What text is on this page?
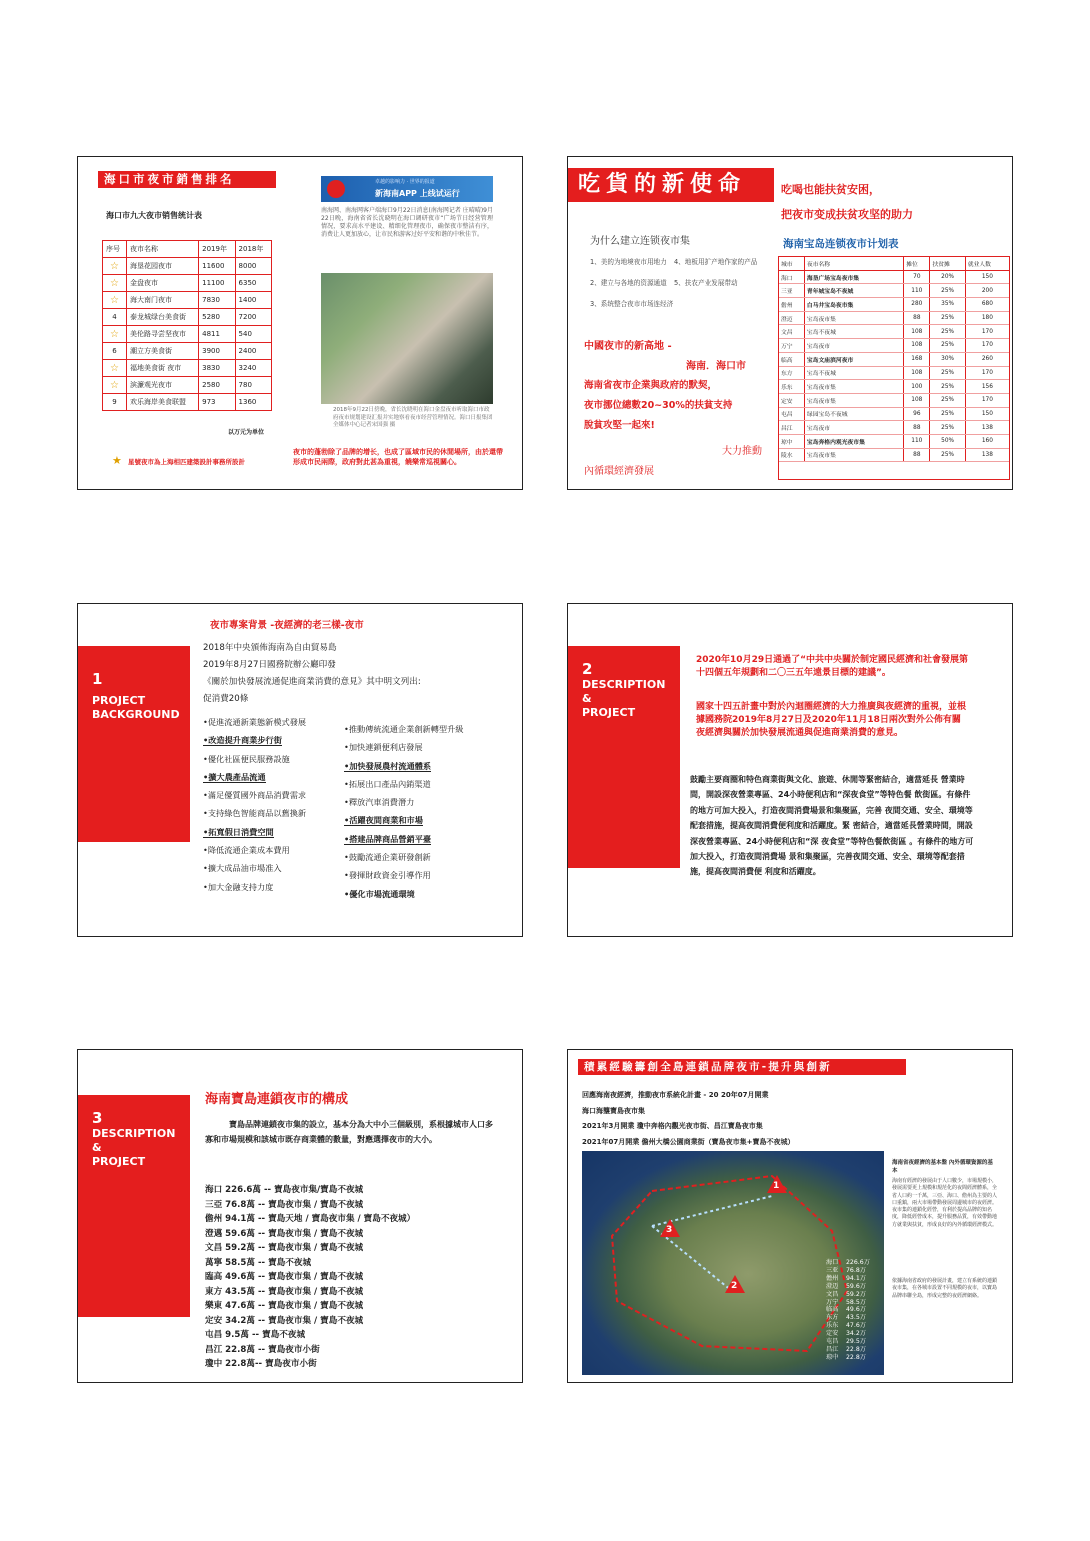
海口市夜市銷售排名
海口市九大夜市销售统计表
序号	夜市名称	2019年	2018年
☆	海垦花园夜市	11600	8000
☆	金盘夜市	11100	6350
☆	海大南门夜市	7830	1400
4	泰龙城绿台美食街	5280	7200
☆	美伦路寻尝坚夜市	4811	540
6	潮立方美食街	3900	2400
☆	福地美食街 夜市	3830	3240
☆	滨濂观光夜市	2580	780
9	欢乐海岸美食联盟	973	1360
以万元为单位
★ 星號夜市為上海相匹建築設計事務所設計
卓越的影响力 · 世界的报道
新海南APP 上线试运行
南海网、南海网客户端海口9月22日消息(南海网记者 庄晴晴)9月22日晚，海南省省长沈晓明在海口调研夜市“广场节日经营管理情况，要求高水平建设、精细化管理夜市，确保夜市整洁有序，消费让人更加放心，让市民和游客过好平安和谐的中秋佳节。
2018年9月22日傍晚，省长沈晓明在海口金盘夜市听取海口市政府夜市规划建设汇报并实地察看夜市经营管理情况。海口日报集团全媒体中心记者宋国强 摄
夜市的蓬勃除了品牌的增长，也成了區域市民的休閒場所，由於還帶形成市民兩際，政府對此甚為重視，饒樂常巡視關心。
吃貨的新使命	吃喝也能扶贫安困，
把夜市变成扶贫攻坚的助力
为什么建立连锁夜市集
1、美的为地境夜市用地力 4、地板用扩产地作家的产品
2、建立与各地的资源通道 5、扶农产业发展带动
3、系统整合夜市市场连经济
中國夜市的新高地 -
海南．海口市
海南省夜市企業與政府的默契，
夜市挪位總數20~30%的扶貧支持
脫貧攻堅一起來!
大力推動
內循環經濟發展
海南宝岛连锁夜市计划表
城市	夜市名称	摊位	扶贫摊	就业人数
海口	海垦广场宝岛夜市集	70	20%	150
三亚	青年城宝岛不夜城	110	25%	200
儋州	白马井宝岛夜市集	280	35%	680
澄迈	宝岛夜市集	88	25%	180
文昌	宝岛不夜城	108	25%	170
万宁	宝岛夜市	108	25%	170
临高	宝岛文庙滨河夜市	168	30%	260
东方	宝岛不夜城	108	25%	170
乐东	宝岛夜市集	100	25%	156
定安	宝岛夜市集	108	25%	170
屯昌	绿园宝岛不夜城	96	25%	150
昌江	宝岛夜市	88	25%	138
琼中	宝岛奔格内观光夜市集	110	50%	160
陵水	宝岛夜市集	88	25%	138
1
PROJECT
BACKGROUND
夜市專案背景 -夜經濟的老三樣-夜市
2018年中央頒佈海南為自由貿易島
2019年8月27日國務院辦公廳印發
《關於加快發展流通促進商業消費的意見》其中明文列出:
促消費20條
•促進流通新業態新模式發展
•改造提升商業步行街
•優化社區便民服務設施
•擴大農產品流通
•滿足優質國外商品消費需求
•支持綠色智能商品以舊換新
•拓寬假日消費空間
•降低流通企業成本費用
•擴大成品油市場准入
•加大金融支持力度
•推動傳統流通企業創新轉型升級
•加快連鎖便利店發展
•加快發展農村流通體系
•拓展出口產品內銷渠道
•釋放汽車消費潛力
•活躍夜間商業和市場
•搭建品牌商品營銷平臺
•鼓勵流通企業研發創新
•發揮財政資金引導作用
•優化市場流通環境
2
DESCRIPTION
&
PROJECT
2020年10月29日通過了“中共中央關於制定國民經濟和社會發展第十四個五年規劃和二〇三五年遠景目標的建議”。
國家十四五計畫中對於內迴圈經濟的大力推廣與夜經濟的重視，並根據國務院2019年8月27日及2020年11月18日兩次對外公佈有關夜經濟與關於加快發展流通與促進商業消費的意見。
鼓勵主要商圈和特色商業街與文化、旅遊、休閒等緊密結合，適當延長 營業時間，開設深夜營業專區、24小時便利店和“深夜食堂”等特色餐 飲街區。有條件的地方可加大投入，打造夜間消費場景和集聚區，完善 夜間交通、安全、環境等配套措施，提高夜間消費便利度和活躍度。緊 密結合，適當延長營業時間，開設深夜營業專區、24小時便利店和“深 夜食堂”等特色餐飲街區 。有條件的地方可加大投入，打造夜間消費場 景和集聚區，完善夜間交通、安全、環境等配套措施，提高夜間消費便 利度和活躍度。
3
DESCRIPTION
&
PROJECT
海南寶島連鎖夜市的構成
寶島品牌連鎖夜市集的設立，基本分為大中小三個級別，系根據城市人口多寡和市場規模和該城市既存商業體的數量，對應選擇夜市的大小。
海口 226.6萬 -- 寶島夜市集/寶島不夜城
三亞 76.8萬 -- 寶島夜市集 / 寶島不夜城
儋州 94.1萬 -- 寶島天地 / 寶島夜市集 / 寶島不夜城）
澄邁 59.6萬 -- 寶島夜市集 / 寶島不夜城
文昌 59.2萬 -- 寶島夜市集 / 寶島不夜城
萬寧 58.5萬 -- 寶島不夜城
臨高 49.6萬 -- 寶島夜市集 / 寶島不夜城
東方 43.5萬 -- 寶島夜市集 / 寶島不夜城
樂東 47.6萬 -- 寶島夜市集 / 寶島不夜城
定安 34.2萬 -- 寶島夜市集 / 寶島不夜城
屯昌 9.5萬 -- 寶島不夜城
昌江 22.8萬 -- 寶島夜市小街
瓊中 22.8萬-- 寶島夜市小街
積累經驗籌創全島連鎖品牌夜市-提升與創新
回應海南夜經濟，推動夜市系統化計畫 - 20 20年07月開業
海口海壟寶島夜市集
2021年3月開業 瓊中奔格內觀光夜市街、昌江寶島夜市集
2021年07月開業 儋州大橋公園商業街（寶島夜市集+寶島不夜城）
1
2
3
海口 226.6万
三亚 76.8万
儋州 94.1万
澄迈 59.6万
文昌 59.2万
万宁 58.5万
临高 49.6万
东方 43.5万
乐东 47.6万
定安 34.2万
屯昌 29.5万
昌江 22.8万
琼中 22.8万
海南省夜經濟的基本盤 內外循環資源的基本
海南有經濟的發展由于人口數少，市場規模小，發展需要更上規模和規范化的夜間經濟體系，全省人口約一千萬，三亞、海口、儋州為主要的人口重鎮，兩大市場帶動發展周邊城市的夜經濟。夜市集的連鎖化經營，有利於提高品牌的知名度，降低經營成本，提升服務品質，有效帶動地方就業與扶貧，形成良好的內外循環經濟模式。
依據海南省政府的發展計畫，建立有系統的連鎖夜市集，在各城市設置不同規模的夜市，以寶島品牌串聯全島，形成完整的夜經濟網絡。
